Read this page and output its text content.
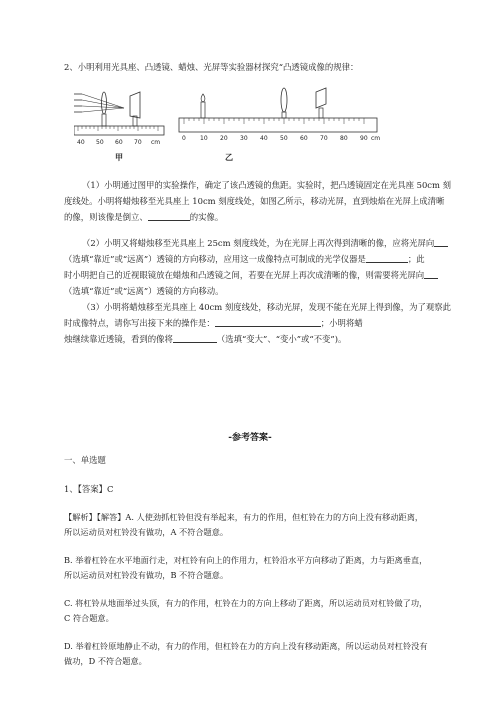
2、小明利用光具座、凸透镜、蜡烛、光屏等实验器材探究“凸透镜成像的规律：
40 50 60 70 cm
甲
0 10 20 30 40 50 60 70 80 90 cm
乙
（1）小明通过图甲的实验操作，确定了该凸透镜的焦距。实验时，把凸透镜固定在光具座 50cm 刻
度线处。小明将蜡烛移至光具座上 10cm 刻度线处，如图乙所示，移动光屏，直到烛焰在光屏上成清晰
的像，则该像是倒立、	的实像。
（2）小明又将蜡烛移至光具座上 25cm 刻度线处，为在光屏上再次得到清晰的像，应将光屏向
（选填“靠近”或“远离”）透镜的方向移动，应用这一成像特点可制成的光学仪器是	；此
时小明把自己的近视眼镜放在蜡烛和凸透镜之间，若要在光屏上再次成清晰的像，则需要将光屏向
（选填“靠近”或“远离”）透镜的方向移动。
（3）小明将蜡烛移至光具座上 40cm 刻度线处，移动光屏，发现不能在光屏上得到像，为了观察此
-参考答案-
时成像特点，请你写出接下来的操作是：	；小明将蜡
烛继续靠近透镜，看到的像将	（选填“变大”、“变小”或“不变”)。
一、单选题
1、【答案】C
【解析】【解答】A. 人使劲抓杠铃但没有举起来，有力的作用，但杠铃在力的方向上没有移动距离，
所以运动员对杠铃没有做功，A 不符合题意。
B. 举着杠铃在水平地面行走，对杠铃有向上的作用力，杠铃沿水平方向移动了距离，力与距离垂直，
所以运动员对杠铃没有做功，B 不符合题意。
C. 将杠铃从地面举过头顶，有力的作用，杠铃在力的方向上移动了距离，所以运动员对杠铃做了功，
C 符合题意。
D. 举着杠铃原地静止不动，有力的作用，但杠铃在力的方向上没有移动距离，所以运动员对杠铃没有
做功，D 不符合题意。
